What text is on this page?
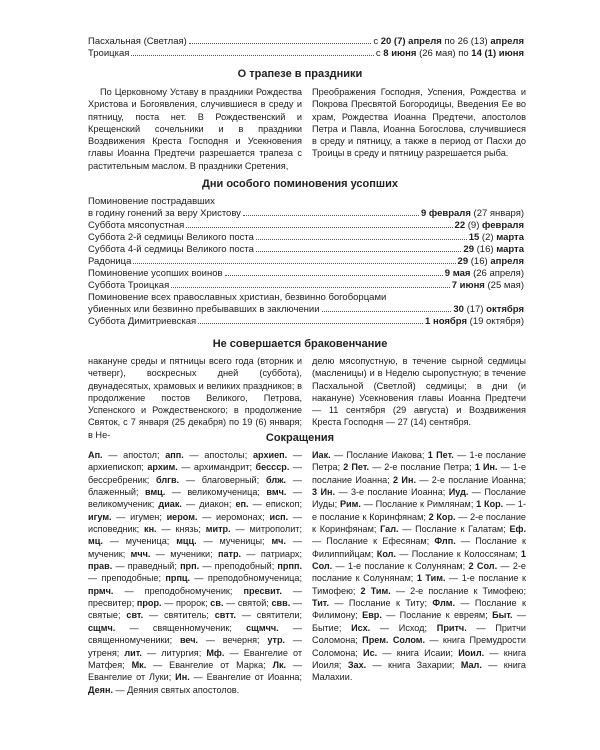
Пасхальная (Светлая)	с 20 (7) апреля по 26 (13) апреля
Троицкая	с 8 июня (26 мая) по 14 (1) июня
О трапезе в праздники

По Церковному Уставу в праздники Рождества Христова и Богоявления, случившиеся в среду и пятницу, поста нет. В Рождественский и Крещенский сочельники и в праздники Воздвижения Креста Господня и Усекновения главы Иоанна Предтечи разрешается трапеза с растительным маслом. В праздники Сретения,

Преображения Господня, Успения, Рождества и Покрова Пресвятой Богородицы, Введения Ее во храм, Рождества Иоанна Предтечи, апостолов Петра и Павла, Иоанна Богослова, случившиеся в среду и пятницу, а также в период от Пасхи до Троицы в среду и пятницу разрешается рыба.

Дни особого поминовения усопших
Поминовение пострадавших
в годину гонений за веру Христову	9 февраля (27 января)
Суббота мясопустная	22 (9) февраля
Суббота 2-й седмицы Великого поста	15 (2) марта
Суббота 4-й седмицы Великого поста	29 (16) марта
Радоница	29 (16) апреля
Поминовение усопших воинов	9 мая (26 апреля)
Суббота Троицкая	7 июня (25 мая)
Поминовение всех православных христиан, безвинно богоборцами
убиенных или безвинно пребывавших в заключении	30 (17) октября
Суббота Димитриевская	1 ноября (19 октября)
Не совершается браковенчание

накануне среды и пятницы всего года (вторник и четверг), воскресных дней (суббота), двунадесятых, храмовых и великих праздников; в продолжение постов Великого, Петрова, Успенского и Рождественского; в продолжение Святок, с 7 января (25 декабря) по 19 (6) января; в Не-

делю мясопустную, в течение сырной седмицы (масленицы) и в Неделю сыропустную; в течение Пасхальной (Светлой) седмицы; в дни (и накануне) Усекновения главы Иоанна Предтечи — 11 сентября (29 августа) и Воздвижения Креста Господня — 27 (14) сентября.

Сокращения
Ап. — апостол; апп. — апостолы; архиеп. — архиепископ; архим. — архимандрит; бессср. — бессребреник; блгв. — благоверный; блж. — блаженный; вмц. — великомученица; вмч. — великомученик; диак. — диакон; еп. — епископ; игум. — игумен; иером. — иеромонах; исп. — исповедник; кн. — князь; митр. — митрополит; мц. — мученица; мцц. — мученицы; мч. — мученик; мчч. — мученики; патр. — патриарх; прав. — праведный; прп. — преподобный; прпп. — преподобные; прпц. — преподобномученица; прмч. — преподобномученик; пресвит. — пресвитер; прор. — пророк; св. — святой; свв. — святые; свт. — святитель; свтт. — святители; сщмч. — священномученик; сщмчч. — священномученики; веч. — вечерня; утр. — утреня; лит. — литургия; Мф. — Евангелие от Матфея; Мк. — Евангелие от Марка; Лк. — Евангелие от Луки; Ин. — Евангелие от Иоанна; Деян. — Деяния святых апостолов.
Иак. — Послание Иакова; 1 Пет. — 1-е послание Петра; 2 Пет. — 2-е послание Петра; 1 Ин. — 1-е послание Иоанна; 2 Ин. — 2-е послание Иоанна; 3 Ин. — 3-е послание Иоанна; Иуд. — Послание Иуды; Рим. — Послание к Римлянам; 1 Кор. — 1-е послание к Коринфянам; 2 Кор. — 2-е послание к Коринфянам; Гал. — Послание к Галатам; Еф. — Послание к Ефесянам; Флп. — Послание к Филиппийцам; Кол. — Послание к Колоссянам; 1 Сол. — 1-е послание к Солунянам; 2 Сол. — 2-е послание к Солунянам; 1 Тим. — 1-е послание к Тимофею; 2 Тим. — 2-е послание к Тимофею; Тит. — Послание к Титу; Флм. — Послание к Филимону; Евр. — Послание к евреям; Быт. — Бытие; Исх. — Исход; Притч. — Притчи Соломона; Прем. Солом. — книга Премудрости Соломона; Ис. — книга Исаии; Иоил. — книга Иоиля; Зах. — книга Захарии; Мал. — книга Малахии.
